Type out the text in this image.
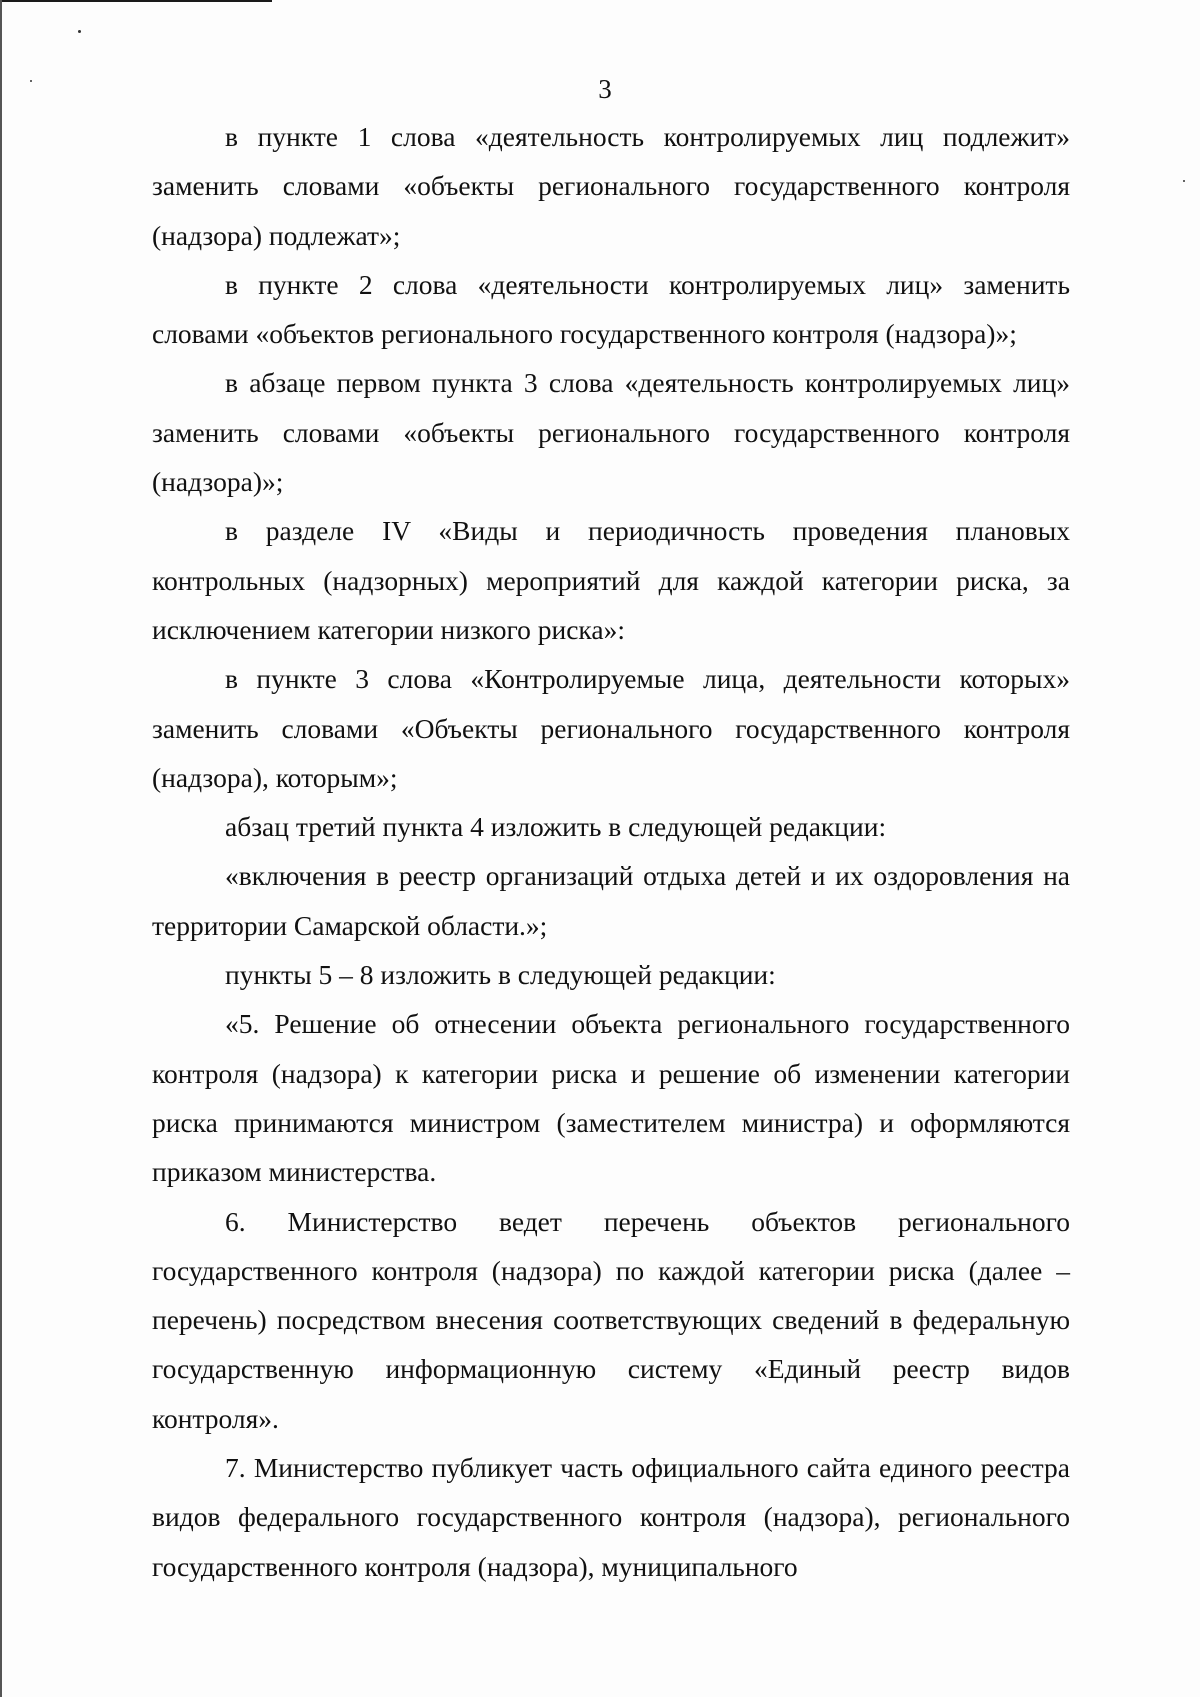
3

в пункте 1 слова «деятельность контролируемых лиц подлежит» заменить словами «объекты регионального государственного контроля (надзора) подлежат»;

в пункте 2 слова «деятельности контролируемых лиц» заменить словами «объектов регионального государственного контроля (надзора)»;

в абзаце первом пункта 3 слова «деятельность контролируемых лиц» заменить словами «объекты регионального государственного контроля (надзора)»;

в разделе IV «Виды и периодичность проведения плановых контрольных (надзорных) мероприятий для каждой категории риска, за исключением категории низкого риска»:

в пункте 3 слова «Контролируемые лица, деятельности которых» заменить словами «Объекты регионального государственного контроля (надзора), которым»;

абзац третий пункта 4 изложить в следующей редакции:

«включения в реестр организаций отдыха детей и их оздоровления на территории Самарской области.»;

пункты 5 – 8 изложить в следующей редакции:

«5. Решение об отнесении объекта регионального государственного контроля (надзора) к категории риска и решение об изменении категории риска принимаются министром (заместителем министра) и оформляются приказом министерства.

6. Министерство ведет перечень объектов регионального государственного контроля (надзора) по каждой категории риска (далее – перечень) посредством внесения соответствующих сведений в федеральную государственную информационную систему «Единый реестр видов контроля».

7. Министерство публикует часть официального сайта единого реестра видов федерального государственного контроля (надзора), регионального государственного контроля (надзора), муниципального
